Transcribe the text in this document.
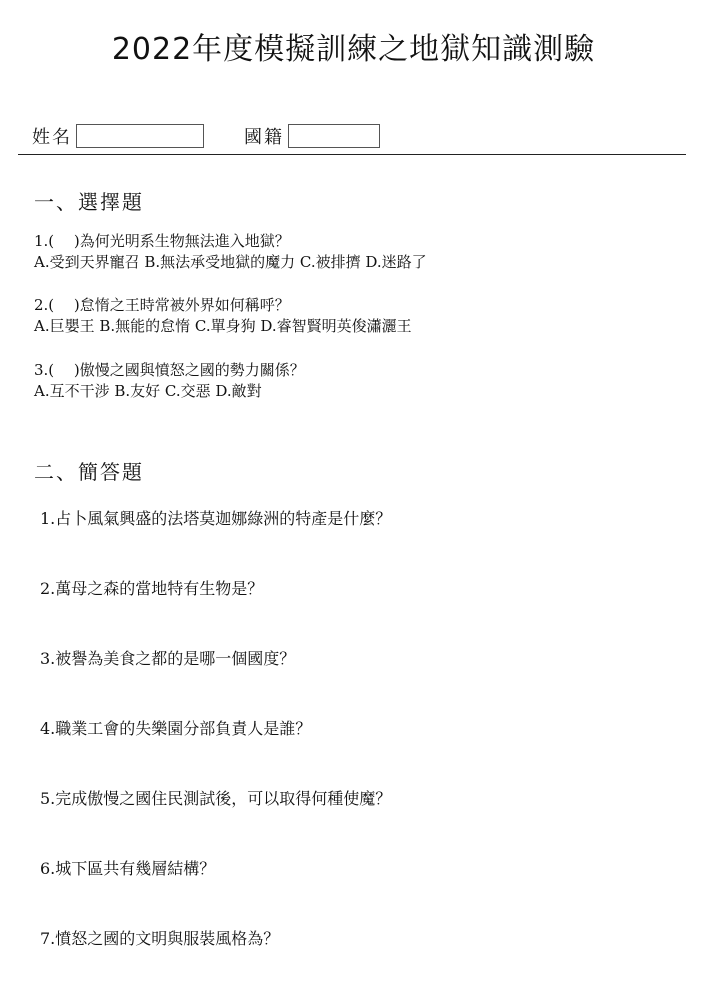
2022年度模擬訓練之地獄知識測驗
姓名	國籍
一、選擇題
1.(　 )為何光明系生物無法進入地獄？
A.受到天界寵召 B.無法承受地獄的魔力 C.被排擠 D.迷路了
2.(　 )怠惰之王時常被外界如何稱呼？
A.巨嬰王 B.無能的怠惰 C.單身狗 D.睿智賢明英俊瀟灑王
3.(　 )傲慢之國與憤怒之國的勢力關係？
A.互不干涉 B.友好 C.交惡 D.敵對
二、簡答題
1.占卜風氣興盛的法塔莫迦娜綠洲的特產是什麼？
2.萬母之森的當地特有生物是？
3.被譽為美食之都的是哪一個國度？
4.職業工會的失樂園分部負責人是誰？
5.完成傲慢之國住民測試後，可以取得何種使魔？
6.城下區共有幾層結構？
7.憤怒之國的文明與服裝風格為？
